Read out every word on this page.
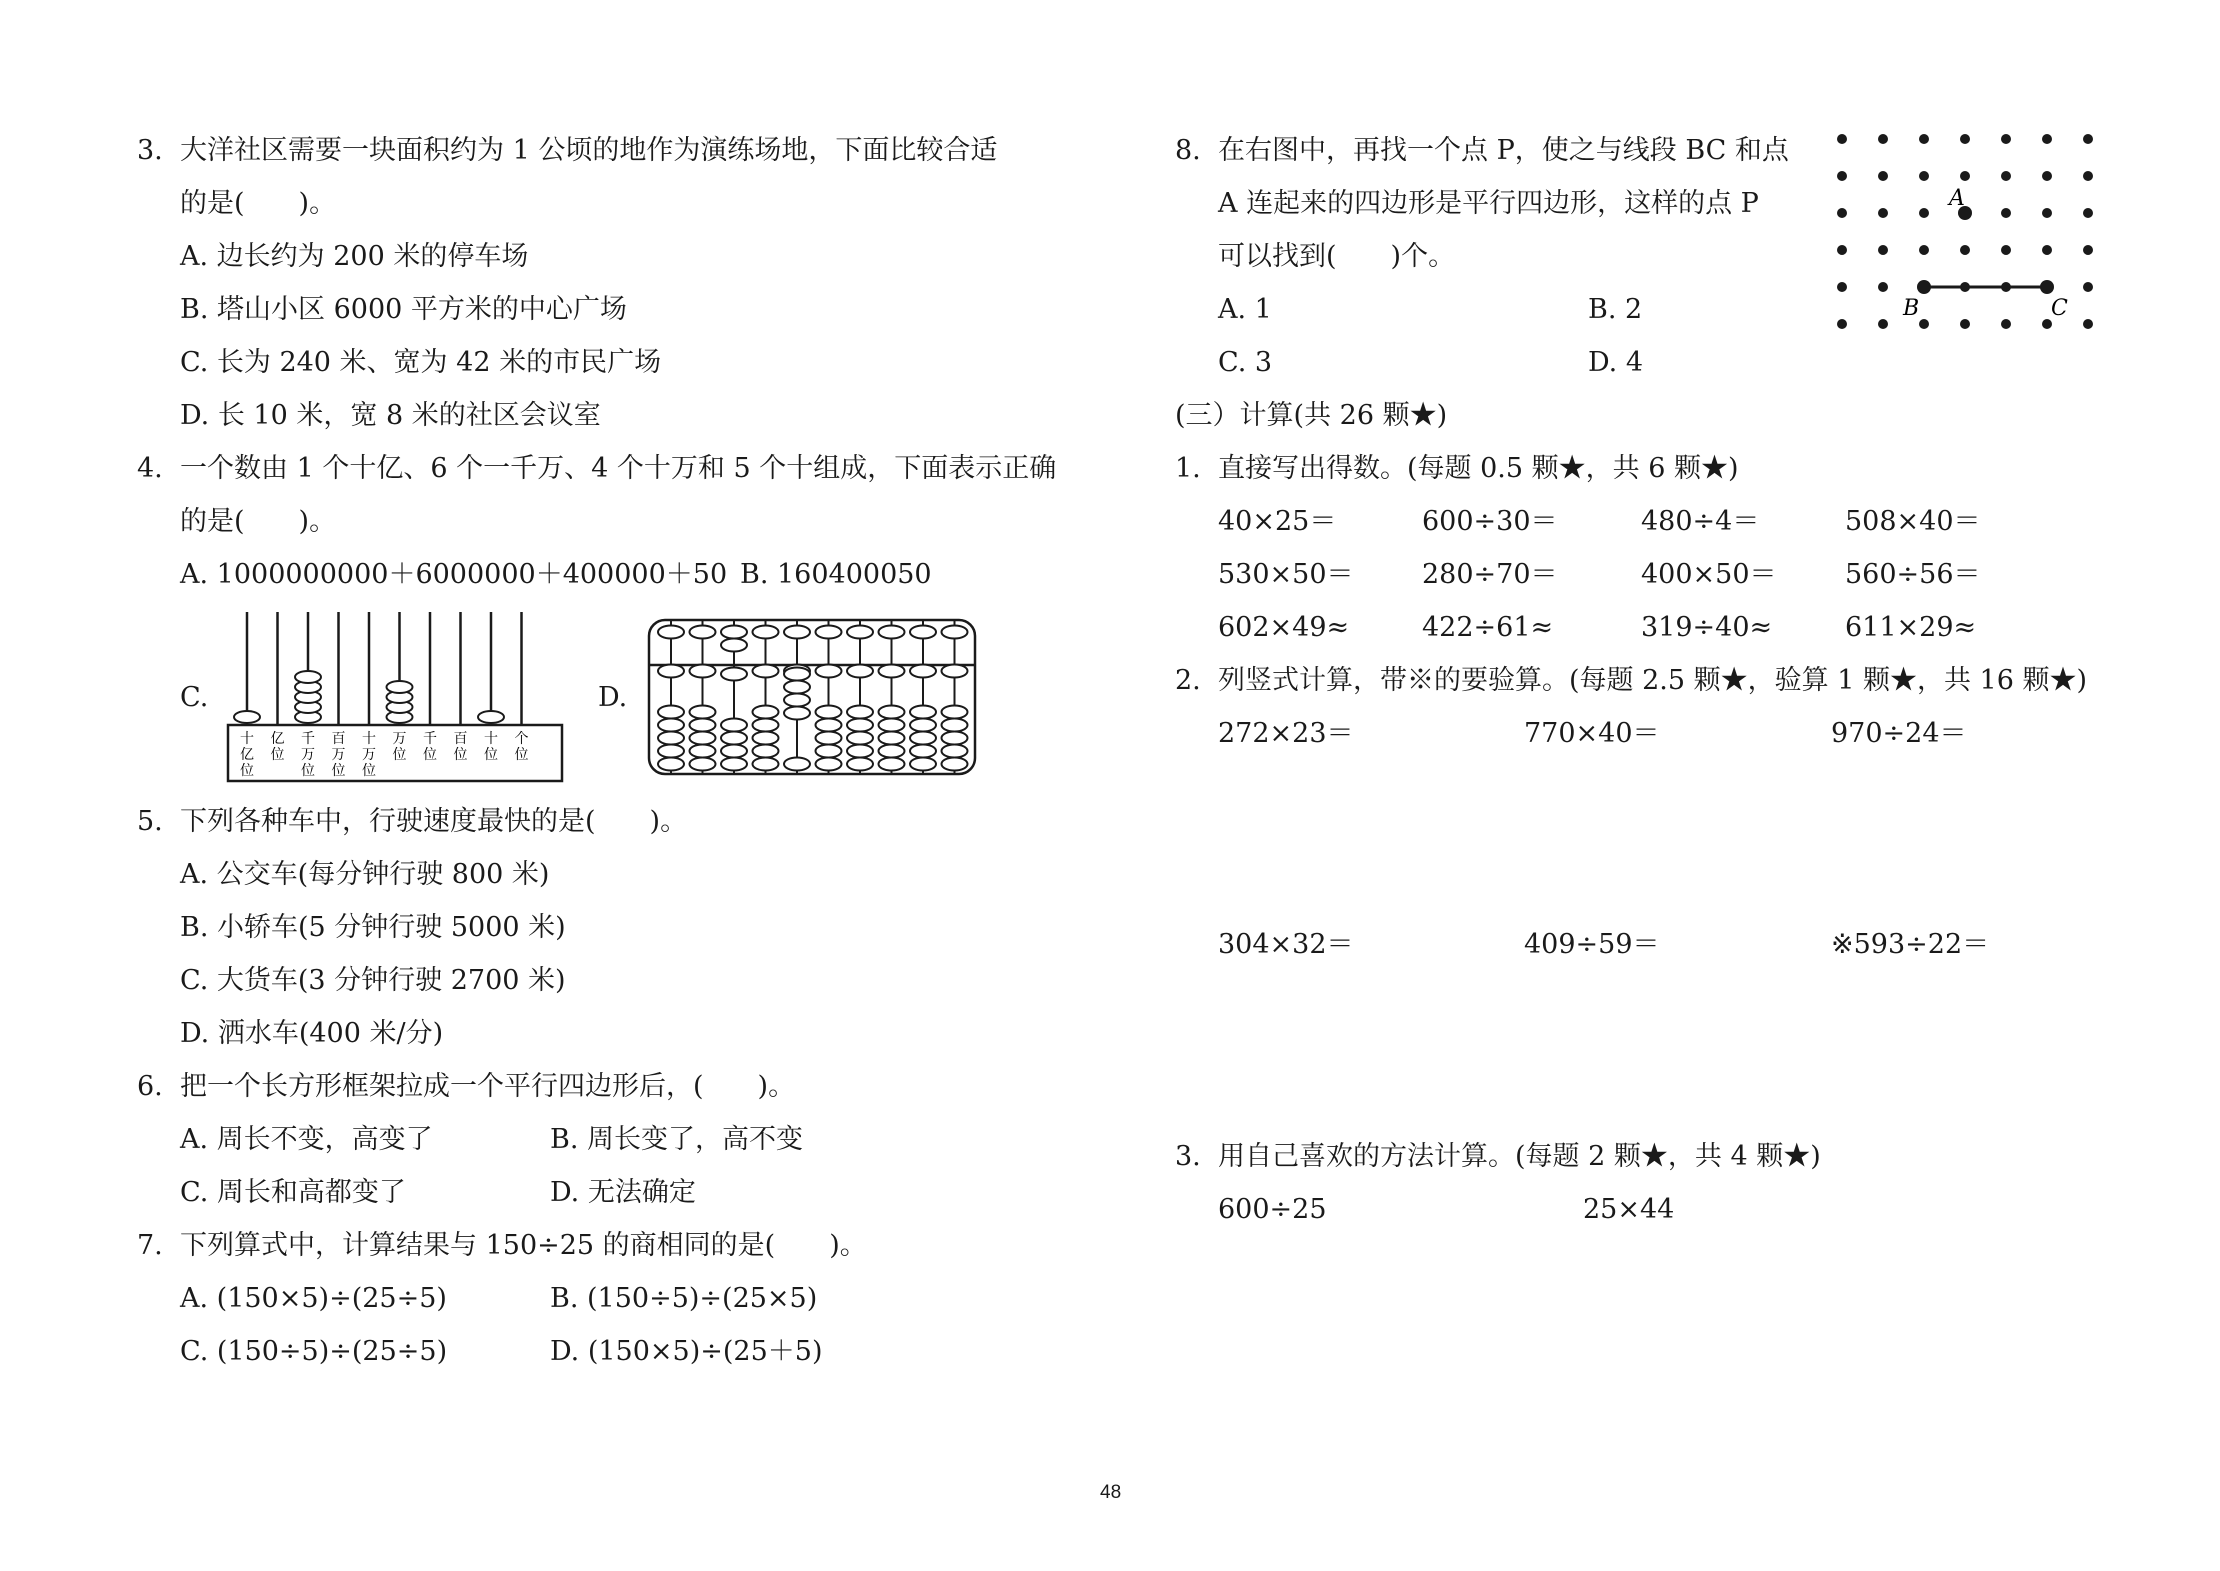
3. 大洋社区需要一块面积约为 1 公顷的地作为演练场地，下面比较合适
的是(　　)。
A. 边长约为 200 米的停车场
B. 塔山小区 6000 平方米的中心广场
C. 长为 240 米、宽为 42 米的市民广场
D. 长 10 米，宽 8 米的社区会议室
4. 一个数由 1 个十亿、6 个一千万、4 个十万和 5 个十组成，下面表示正确
的是(　　)。
A. 1000000000＋6000000＋400000＋50 B. 160400050
C.	D.
十亿位
亿位
千万位
百万位
十万位
万位
千位
百位
十位
个位
5. 下列各种车中，行驶速度最快的是(　　)。
A. 公交车(每分钟行驶 800 米)
B. 小轿车(5 分钟行驶 5000 米)
C. 大货车(3 分钟行驶 2700 米)
D. 洒水车(400 米/分)
6. 把一个长方形框架拉成一个平行四边形后，(　　)。
A. 周长不变，高变了	B. 周长变了，高不变
C. 周长和高都变了	D. 无法确定
7. 下列算式中，计算结果与 150÷25 的商相同的是(　　)。
A. (150×5)÷(25÷5)	B. (150÷5)÷(25×5)
C. (150÷5)÷(25÷5)	D. (150×5)÷(25＋5)
8. 在右图中，再找一个点 P，使之与线段 BC 和点
A 连起来的四边形是平行四边形，这样的点 P
可以找到(　　)个。
A. 1	B. 2
C. 3	D. 4
A
B	C
(三）计算(共 26 颗★)
1. 直接写出得数。(每题 0.5 颗★，共 6 颗★)
40×25＝	600÷30＝	480÷4＝	508×40＝
530×50＝	280÷70＝	400×50＝	560÷56＝
602×49≈	422÷61≈	319÷40≈	611×29≈
2. 列竖式计算，带※的要验算。(每题 2.5 颗★，验算 1 颗★，共 16 颗★)
272×23＝	770×40＝	970÷24＝
304×32＝	409÷59＝	※593÷22＝
3. 用自己喜欢的方法计算。(每题 2 颗★，共 4 颗★)
600÷25	25×44
48
